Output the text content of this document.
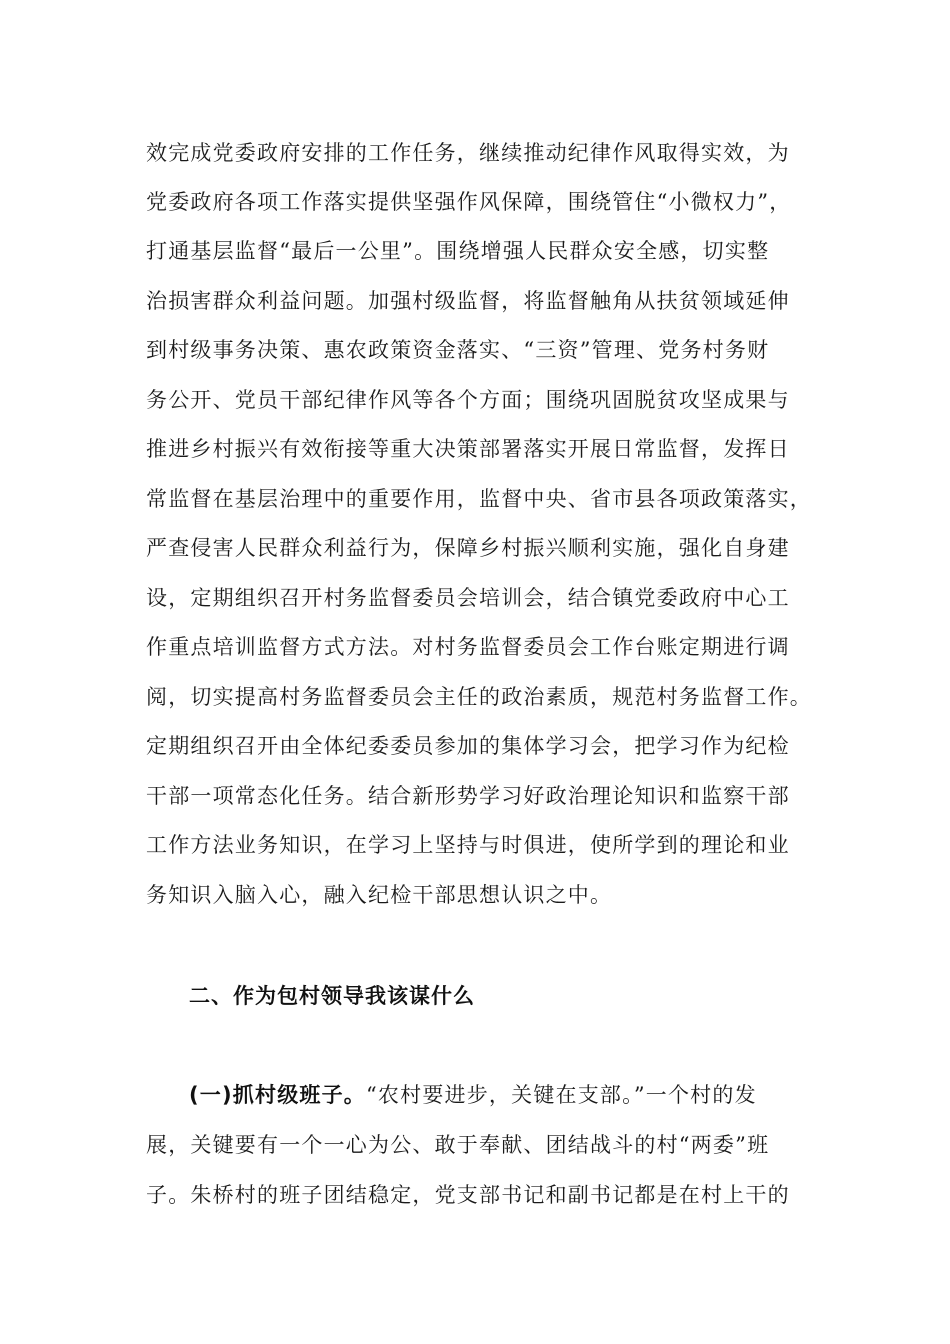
效完成党委政府安排的工作任务，继续推动纪律作风取得实效，为
党委政府各项工作落实提供坚强作风保障，围绕管住“小微权力”，
打通基层监督“最后一公里”。围绕增强人民群众安全感，切实整
治损害群众利益问题。加强村级监督，将监督触角从扶贫领域延伸
到村级事务决策、惠农政策资金落实、“三资”管理、党务村务财
务公开、党员干部纪律作风等各个方面；围绕巩固脱贫攻坚成果与
推进乡村振兴有效衔接等重大决策部署落实开展日常监督，发挥日
常监督在基层治理中的重要作用，监督中央、省市县各项政策落实，
严查侵害人民群众利益行为，保障乡村振兴顺利实施，强化自身建
设，定期组织召开村务监督委员会培训会，结合镇党委政府中心工
作重点培训监督方式方法。对村务监督委员会工作台账定期进行调
阅，切实提高村务监督委员会主任的政治素质，规范村务监督工作。
定期组织召开由全体纪委委员参加的集体学习会，把学习作为纪检
干部一项常态化任务。结合新形势学习好政治理论知识和监察干部
工作方法业务知识，在学习上坚持与时俱进，使所学到的理论和业
务知识入脑入心，融入纪检干部思想认识之中。
二、作为包村领导我该谋什么
(一)抓村级班子。“农村要进步，关键在支部。”一个村的发
展，关键要有一个一心为公、敢于奉献、团结战斗的村“两委”班
子。朱桥村的班子团结稳定，党支部书记和副书记都是在村上干的
